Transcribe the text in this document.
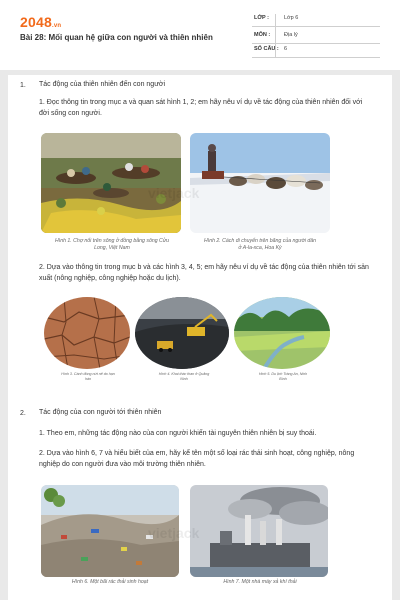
2048.vn
Bài 28: Mối quan hệ giữa con người và thiên nhiên
LỚP :	Lớp 6
MÔN :	Địa lý
SỐ CÂU : 6
1. Tác động của thiên nhiên đến con người
1. Đọc thông tin trong mục a và quan sát hình 1, 2; em hãy nêu ví dụ về tác động của thiên nhiên đối với đời sống con người.
Hình 1. Chợ nổi trên sông ở đồng bằng sông Cửu Long, Việt Nam
Hình 2. Cách di chuyển trên băng của người dân ở A-la-xca, Hoa Kỳ
vietjack
2. Dựa vào thông tin trong mục b và các hình 3, 4, 5; em hãy nêu ví dụ về tác động của thiên nhiên tới sản xuất (nông nghiệp, công nghiệp hoặc du lịch).
Hình 3. Cánh đồng nứt nẻ do hạn hán
Hình 4. Khai thác than ở Quảng Ninh
Hình 5. Du lịch Tràng An, Ninh Bình
2. Tác động của con người tới thiên nhiên
1. Theo em, những tác động nào của con người khiến tài nguyên thiên nhiên bị suy thoái.
2. Dựa vào hình 6, 7 và hiểu biết của em, hãy kể tên một số loại rác thải sinh hoạt, công nghiệp, nông nghiệp do con người đưa vào môi trường thiên nhiên.
Hình 6. Một bãi rác thải sinh hoạt	Hình 7. Một nhà máy xả khí thải
vietjack
